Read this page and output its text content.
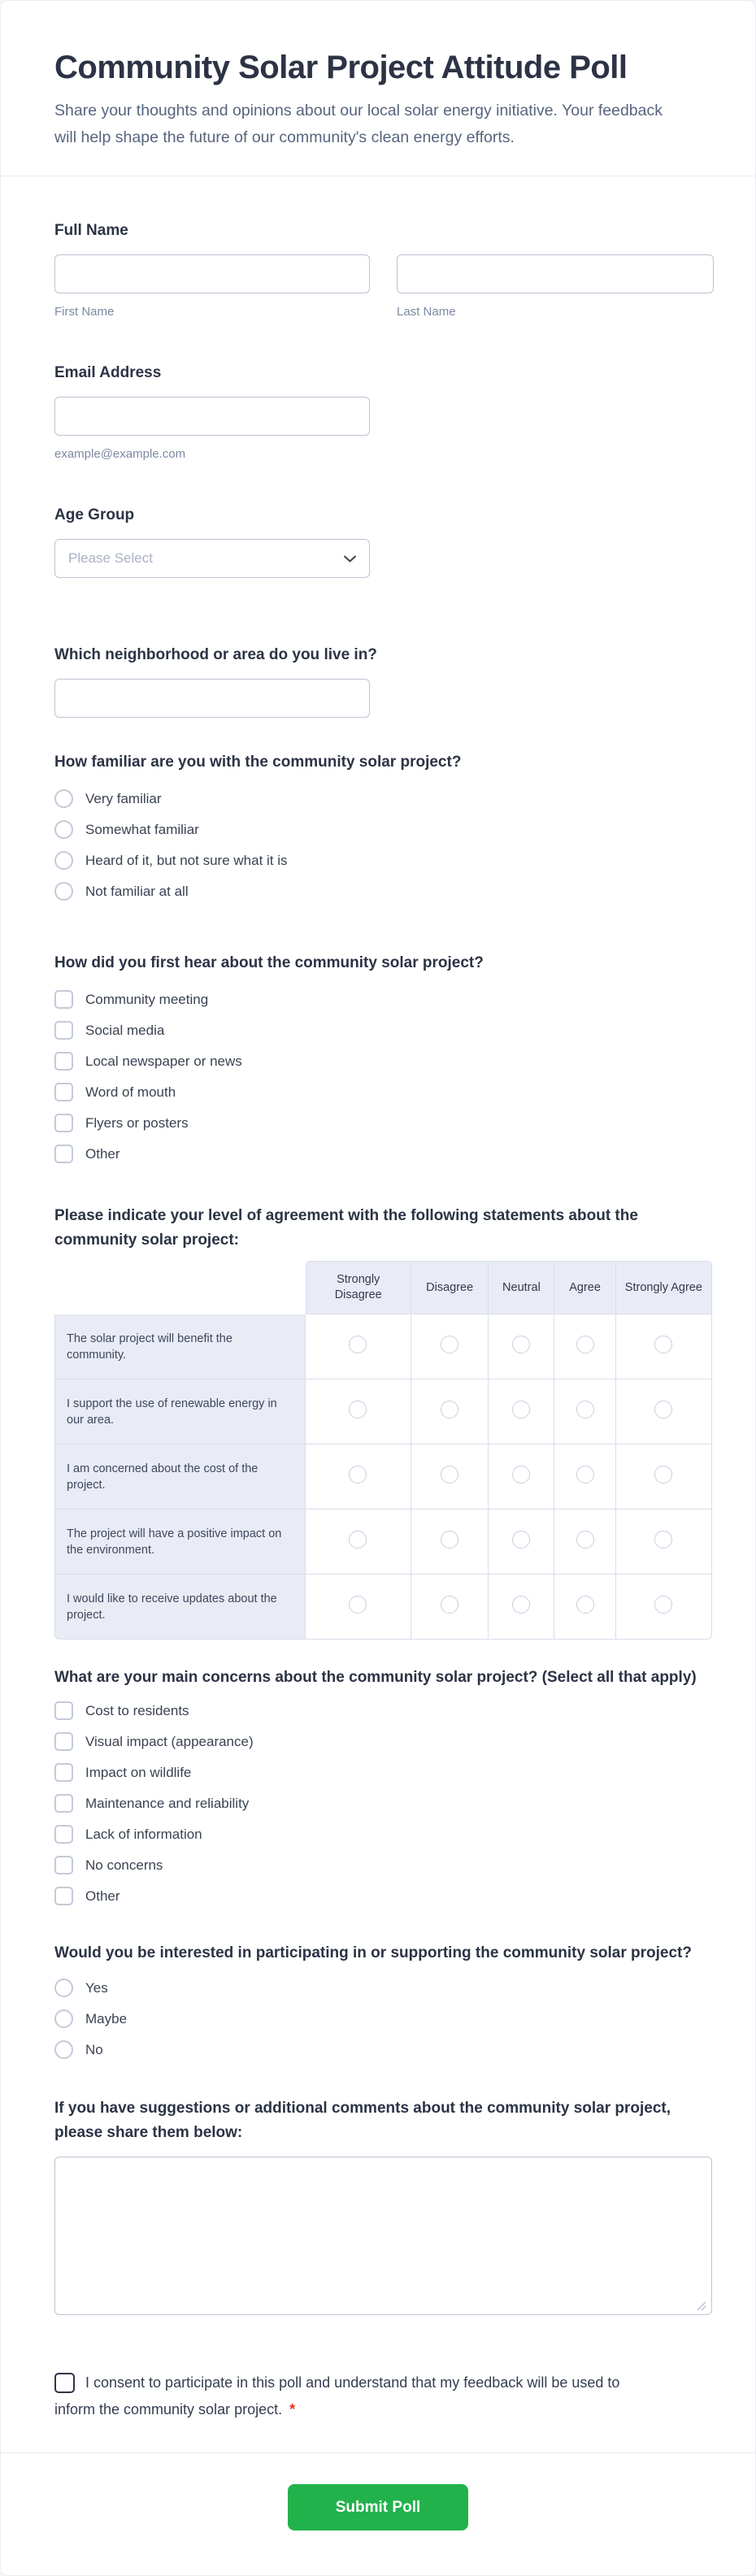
Community Solar Project Attitude Poll

Share your thoughts and opinions about our local solar energy initiative. Your feedback will help shape the future of our community's clean energy efforts.

Full Name
First Name	Last Name
Email Address
example@example.com
Age Group
Please Select
Which neighborhood or area do you live in?
How familiar are you with the community solar project?
Very familiar
Somewhat familiar
Heard of it, but not sure what it is
Not familiar at all
How did you first hear about the community solar project?
Community meeting
Social media
Local newspaper or news
Word of mouth
Flyers or posters
Other
Please indicate your level of agreement with the following statements about the community solar project:
	Strongly Disagree	Disagree	Neutral	Agree	Strongly Agree
The solar project will benefit the community.					
I support the use of renewable energy in our area.					
I am concerned about the cost of the project.					
The project will have a positive impact on the environment.					
I would like to receive updates about the project.					
What are your main concerns about the community solar project? (Select all that apply)
Cost to residents
Visual impact (appearance)
Impact on wildlife
Maintenance and reliability
Lack of information
No concerns
Other
Would you be interested in participating in or supporting the community solar project?
Yes
Maybe
No
If you have suggestions or additional comments about the community solar project, please share them below:
I consent to participate in this poll and understand that my feedback will be used to inform the community solar project. *
Submit Poll
